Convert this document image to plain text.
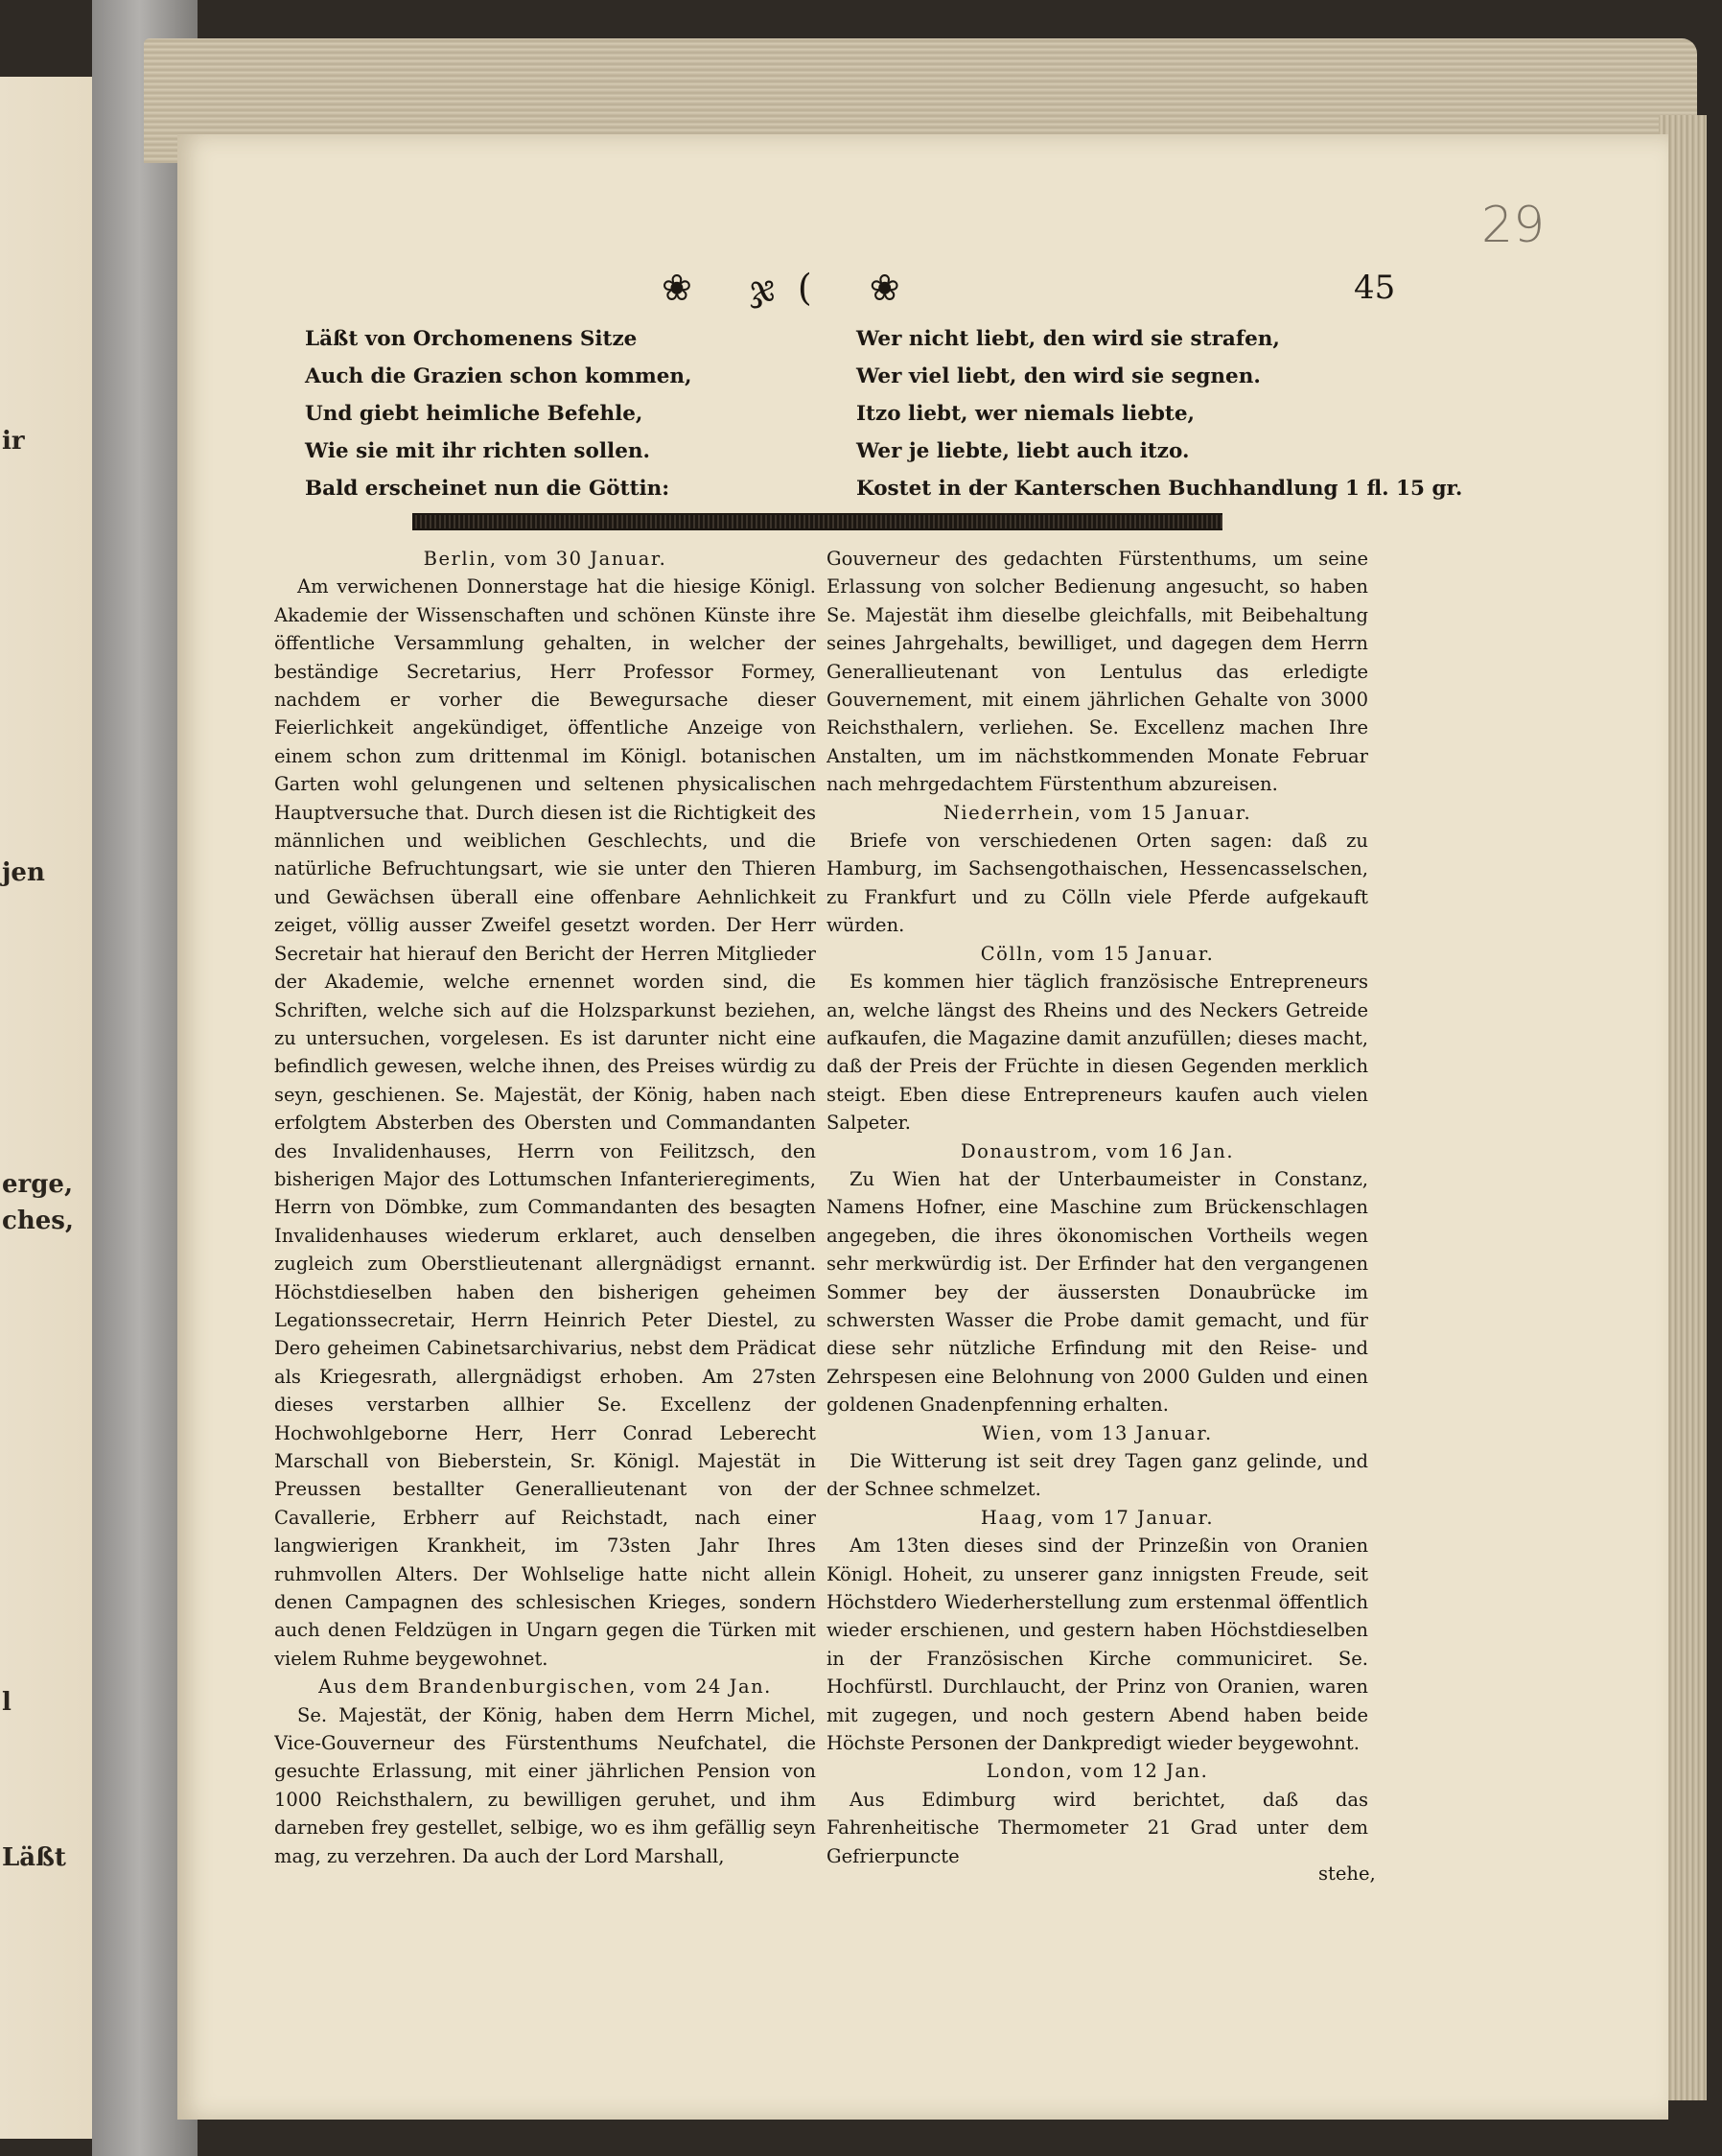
ir
jen
erge,
ches,
l
Läßt
29
❀ ჯ( ❀	45
Läßt von Orchomenens Sitze
Auch die Grazien schon kommen,
Und giebt heimliche Befehle,
Wie sie mit ihr richten sollen.
Bald erscheinet nun die Göttin:
Wer nicht liebt, den wird sie strafen,
Wer viel liebt, den wird sie segnen.
Itzo liebt, wer niemals liebte,
Wer je liebte, liebt auch itzo.
Kostet in der Kanterschen Buchhandlung 1 fl. 15 gr.

Berlin, vom 30 Januar.

Am verwichenen Donnerstage hat die hiesige Königl. Akademie der Wissenschaften und schönen Künste ihre öffentliche Versammlung gehalten, in welcher der beständige Secretarius, Herr Professor Formey, nachdem er vorher die Bewegursache dieser Feierlichkeit angekündiget, öffentliche Anzeige von einem schon zum drittenmal im Königl. botanischen Garten wohl gelungenen und seltenen physicalischen Hauptversuche that. Durch diesen ist die Richtigkeit des männlichen und weiblichen Geschlechts, und die natürliche Befruchtungsart, wie sie unter den Thieren und Gewächsen überall eine offenbare Aehnlichkeit zeiget, völlig ausser Zweifel gesetzt worden. Der Herr Secretair hat hierauf den Bericht der Herren Mitglieder der Akademie, welche ernennet worden sind, die Schriften, welche sich auf die Holzsparkunst beziehen, zu untersuchen, vorgelesen. Es ist darunter nicht eine befindlich gewesen, welche ihnen, des Preises würdig zu seyn, geschienen. Se. Majestät, der König, haben nach erfolgtem Absterben des Obersten und Commandanten des Invalidenhauses, Herrn von Feilitzsch, den bisherigen Major des Lottumschen Infanterieregiments, Herrn von Dömbke, zum Commandanten des besagten Invalidenhauses wiederum erklaret, auch denselben zugleich zum Oberstlieutenant allergnädigst ernannt. Höchstdieselben haben den bisherigen geheimen Legationssecretair, Herrn Heinrich Peter Diestel, zu Dero geheimen Cabinetsarchivarius, nebst dem Prädicat als Kriegesrath, allergnädigst erhoben. Am 27sten dieses verstarben allhier Se. Excellenz der Hochwohlgeborne Herr, Herr Conrad Leberecht Marschall von Bieberstein, Sr. Königl. Majestät in Preussen bestallter Generallieutenant von der Cavallerie, Erbherr auf Reichstadt, nach einer langwierigen Krankheit, im 73sten Jahr Ihres ruhmvollen Alters. Der Wohlselige hatte nicht allein denen Campagnen des schlesischen Krieges, sondern auch denen Feldzügen in Ungarn gegen die Türken mit vielem Ruhme beygewohnet.

Aus dem Brandenburgischen, vom 24 Jan.

Se. Majestät, der König, haben dem Herrn Michel, Vice-Gouverneur des Fürstenthums Neufchatel, die gesuchte Erlassung, mit einer jährlichen Pension von 1000 Reichsthalern, zu bewilligen geruhet, und ihm darneben frey gestellet, selbige, wo es ihm gefällig seyn mag, zu verzehren. Da auch der Lord Marshall,

Gouverneur des gedachten Fürstenthums, um seine Erlassung von solcher Bedienung angesucht, so haben Se. Majestät ihm dieselbe gleichfalls, mit Beibehaltung seines Jahrgehalts, bewilliget, und dagegen dem Herrn Generallieutenant von Lentulus das erledigte Gouvernement, mit einem jährlichen Gehalte von 3000 Reichsthalern, verliehen. Se. Excellenz machen Ihre Anstalten, um im nächstkommenden Monate Februar nach mehrgedachtem Fürstenthum abzureisen.

Niederrhein, vom 15 Januar.

Briefe von verschiedenen Orten sagen: daß zu Hamburg, im Sachsengothaischen, Hessencasselschen, zu Frankfurt und zu Cölln viele Pferde aufgekauft würden.

Cölln, vom 15 Januar.

Es kommen hier täglich französische Entrepreneurs an, welche längst des Rheins und des Neckers Getreide aufkaufen, die Magazine damit anzufüllen; dieses macht, daß der Preis der Früchte in diesen Gegenden merklich steigt. Eben diese Entrepreneurs kaufen auch vielen Salpeter.

Donaustrom, vom 16 Jan.

Zu Wien hat der Unterbaumeister in Constanz, Namens Hofner, eine Maschine zum Brückenschlagen angegeben, die ihres ökonomischen Vortheils wegen sehr merkwürdig ist. Der Erfinder hat den vergangenen Sommer bey der äussersten Donaubrücke im schwersten Wasser die Probe damit gemacht, und für diese sehr nützliche Erfindung mit den Reise- und Zehrspesen eine Belohnung von 2000 Gulden und einen goldenen Gnadenpfenning erhalten.

Wien, vom 13 Januar.

Die Witterung ist seit drey Tagen ganz gelinde, und der Schnee schmelzet.

Haag, vom 17 Januar.

Am 13ten dieses sind der Prinzeßin von Oranien Königl. Hoheit, zu unserer ganz innigsten Freude, seit Höchstdero Wiederherstellung zum erstenmal öffentlich wieder erschienen, und gestern haben Höchstdieselben in der Französischen Kirche communiciret. Se. Hochfürstl. Durchlaucht, der Prinz von Oranien, waren mit zugegen, und noch gestern Abend haben beide Höchste Personen der Dankpredigt wieder beygewohnt.

London, vom 12 Jan.

Aus Edimburg wird berichtet, daß das Fahrenheitische Thermometer 21 Grad unter dem Gefrierpuncte

stehe,
